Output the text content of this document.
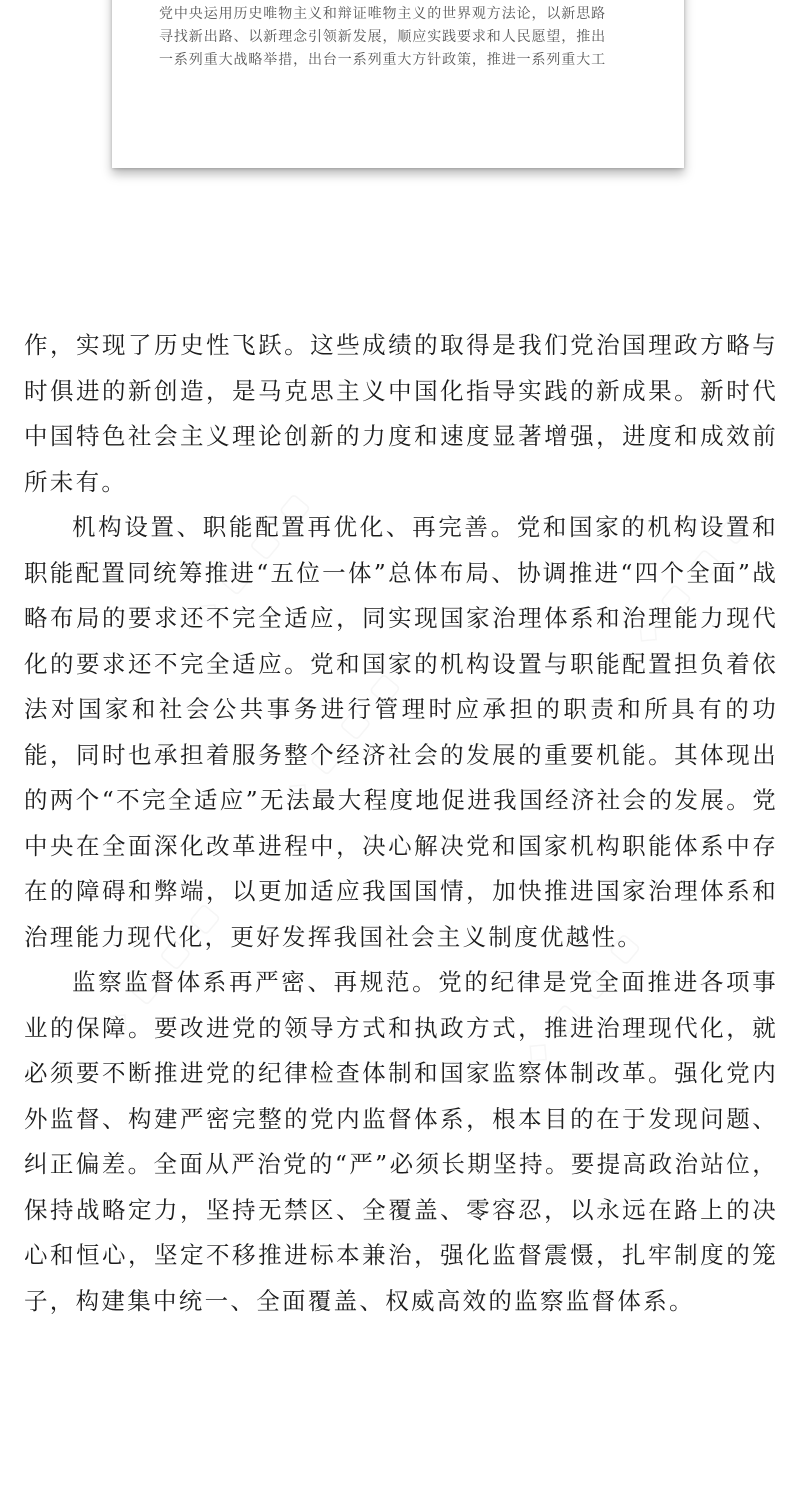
党中央运用历史唯物主义和辩证唯物主义的世界观方法论，以新思路
寻找新出路、以新理念引领新发展，顺应实践要求和人民愿望，推出
一系列重大战略举措，出台一系列重大方针政策，推进一系列重大工

作，实现了历史性飞跃。这些成绩的取得是我们党治国理政方略与时俱进的新创造，是马克思主义中国化指导实践的新成果。新时代中国特色社会主义理论创新的力度和速度显著增强，进度和成效前所未有。

机构设置、职能配置再优化、再完善。党和国家的机构设置和职能配置同统筹推进“五位一体”总体布局、协调推进“四个全面”战略布局的要求还不完全适应，同实现国家治理体系和治理能力现代化的要求还不完全适应。党和国家的机构设置与职能配置担负着依法对国家和社会公共事务进行管理时应承担的职责和所具有的功能，同时也承担着服务整个经济社会的发展的重要机能。其体现出的两个“不完全适应”无法最大程度地促进我国经济社会的发展。党中央在全面深化改革进程中，决心解决党和国家机构职能体系中存在的障碍和弊端，以更加适应我国国情，加快推进国家治理体系和治理能力现代化，更好发挥我国社会主义制度优越性。

监察监督体系再严密、再规范。党的纪律是党全面推进各项事业的保障。要改进党的领导方式和执政方式，推进治理现代化，就必须要不断推进党的纪律检查体制和国家监察体制改革。强化党内外监督、构建严密完整的党内监督体系，根本目的在于发现问题、纠正偏差。全面从严治党的“严”必须长期坚持。要提高政治站位，保持战略定力，坚持无禁区、全覆盖、零容忍，以永远在路上的决心和恒心，坚定不移推进标本兼治，强化监督震慑，扎牢制度的笼子，构建集中统一、全面覆盖、权威高效的监察监督体系。
